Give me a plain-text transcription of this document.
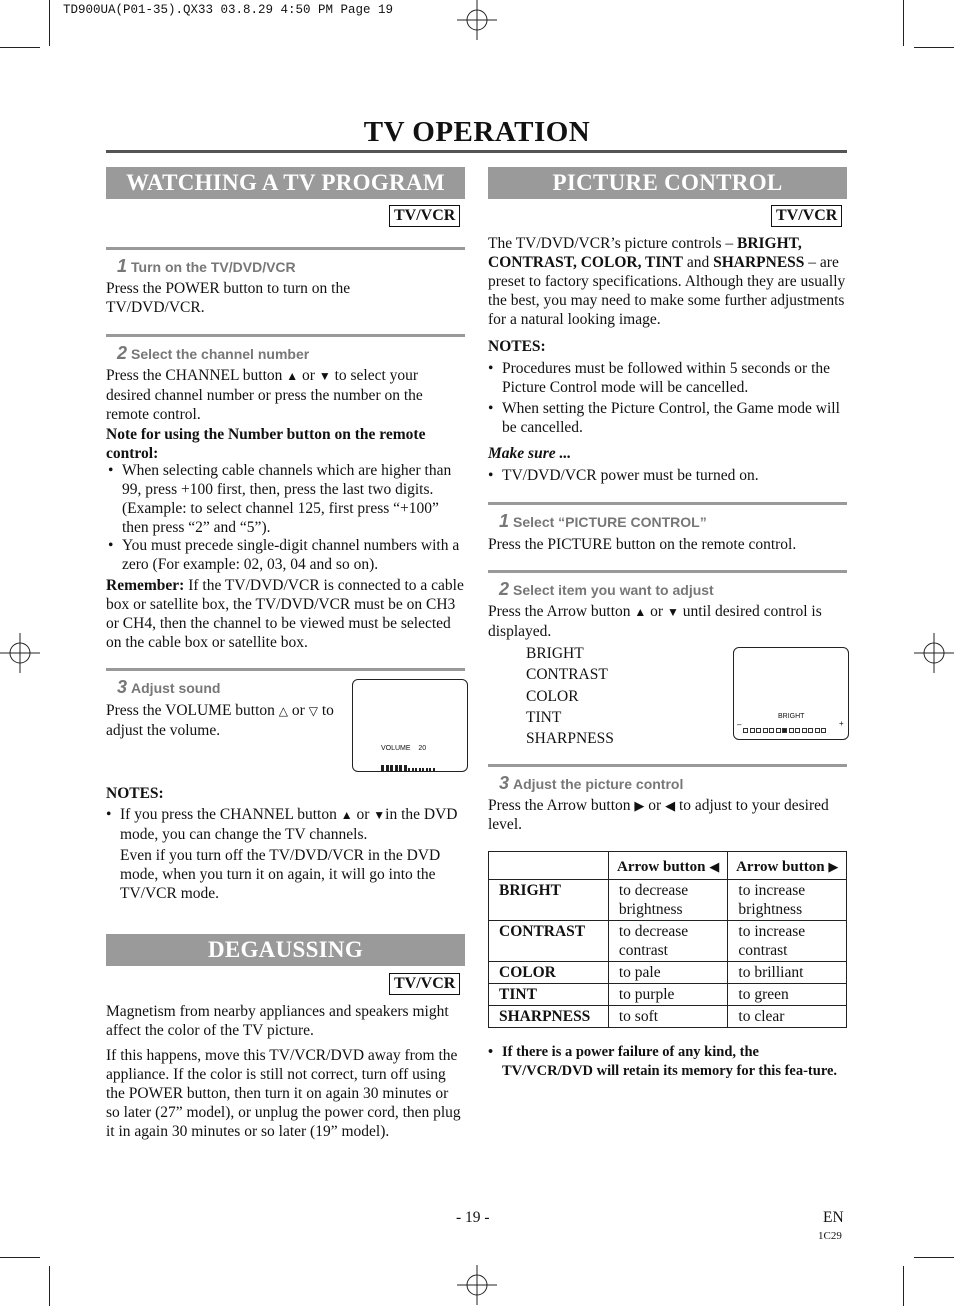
TD900UA(P01-35).QX33 03.8.29 4:50 PM Page 19
TV OPERATION
WATCHING A TV PROGRAM
TV/VCR
1 Turn on the TV/DVD/VCR
Press the POWER button to turn on the TV/DVD/VCR.
2 Select the channel number
Press the CHANNEL button ▲ or ▼ to select your desired channel number or press the number on the remote control.
Note for using the Number button on the remote control:
• When selecting cable channels which are higher than 99, press +100 first, then, press the last two digits. (Example: to select channel 125, first press “+100” then press “2” and “5”).
• You must precede single-digit channel numbers with a zero (For example: 02, 03, 04 and so on).
Remember: If the TV/DVD/VCR is connected to a cable box or satellite box, the TV/DVD/VCR must be on CH3 or CH4, then the channel to be viewed must be selected on the cable box or satellite box.
3 Adjust sound
Press the VOLUME button △ or ▽ to adjust the volume.
VOLUME 20
NOTES:
• If you press the CHANNEL button ▲ or ▼in the DVD mode, you can change the TV channels.
Even if you turn off the TV/DVD/VCR in the DVD mode, when you turn it on again, it will go into the TV/VCR mode.
DEGAUSSING
TV/VCR
Magnetism from nearby appliances and speakers might affect the color of the TV picture.
If this happens, move this TV/VCR/DVD away from the appliance. If the color is still not correct, turn off using the POWER button, then turn it on again 30 minutes or so later (27” model), or unplug the power cord, then plug it in again 30 minutes or so later (19” model).
PICTURE CONTROL
TV/VCR
The TV/DVD/VCR’s picture controls – BRIGHT, CONTRAST, COLOR, TINT and SHARPNESS – are preset to factory specifications. Although they are usually the best, you may need to make some further adjustments for a natural looking image.
NOTES:
• Procedures must be followed within 5 seconds or the Picture Control mode will be cancelled.
• When setting the Picture Control, the Game mode will be cancelled.
Make sure ...
• TV/DVD/VCR power must be turned on.
1 Select “PICTURE CONTROL”
Press the PICTURE button on the remote control.
2 Select item you want to adjust
Press the Arrow button ▲ or ▼ until desired control is displayed.
BRIGHT
CONTRAST
COLOR
TINT
SHARPNESS
BRIGHT
–	+
3 Adjust the picture control
Press the Arrow button ▶ or ◀ to adjust to your desired level.
	Arrow button ◀	Arrow button ▶
BRIGHT	to decrease brightness	to increase brightness
CONTRAST	to decrease contrast	to increase contrast
COLOR	to pale	to brilliant
TINT	to purple	to green
SHARPNESS	to soft	to clear
• If there is a power failure of any kind, the TV/VCR/DVD will retain its memory for this fea-ture.
- 19 -	EN
1C29
